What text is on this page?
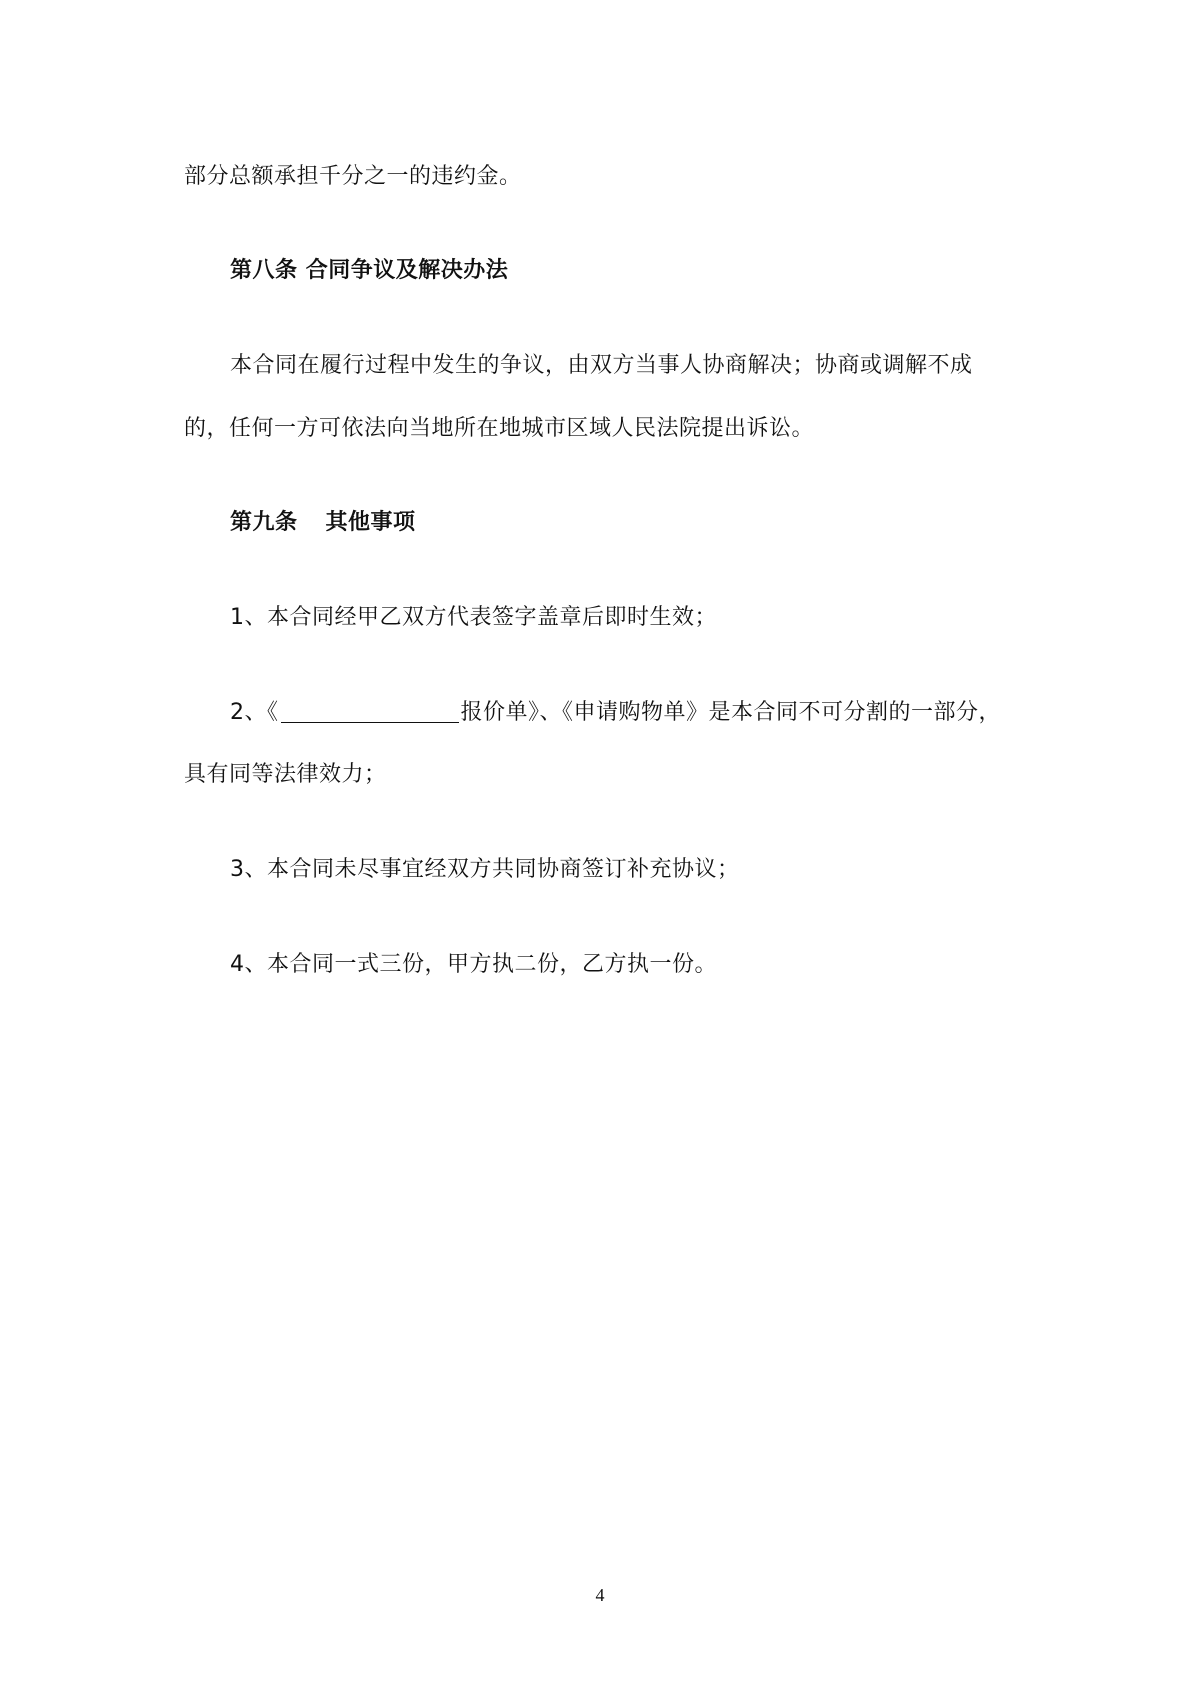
部分总额承担千分之一的违约金。
第八条 合同争议及解决办法
本合同在履行过程中发生的争议，由双方当事人协商解决；协商或调解不成
的，任何一方可依法向当地所在地城市区域人民法院提出诉讼。
第九条 其他事项
1、本合同经甲乙双方代表签字盖章后即时生效；
2、《	报价单》、《申请购物单》是本合同不可分割的一部分，
具有同等法律效力；
3、本合同未尽事宜经双方共同协商签订补充协议；
4、本合同一式三份，甲方执二份，乙方执一份。
4
